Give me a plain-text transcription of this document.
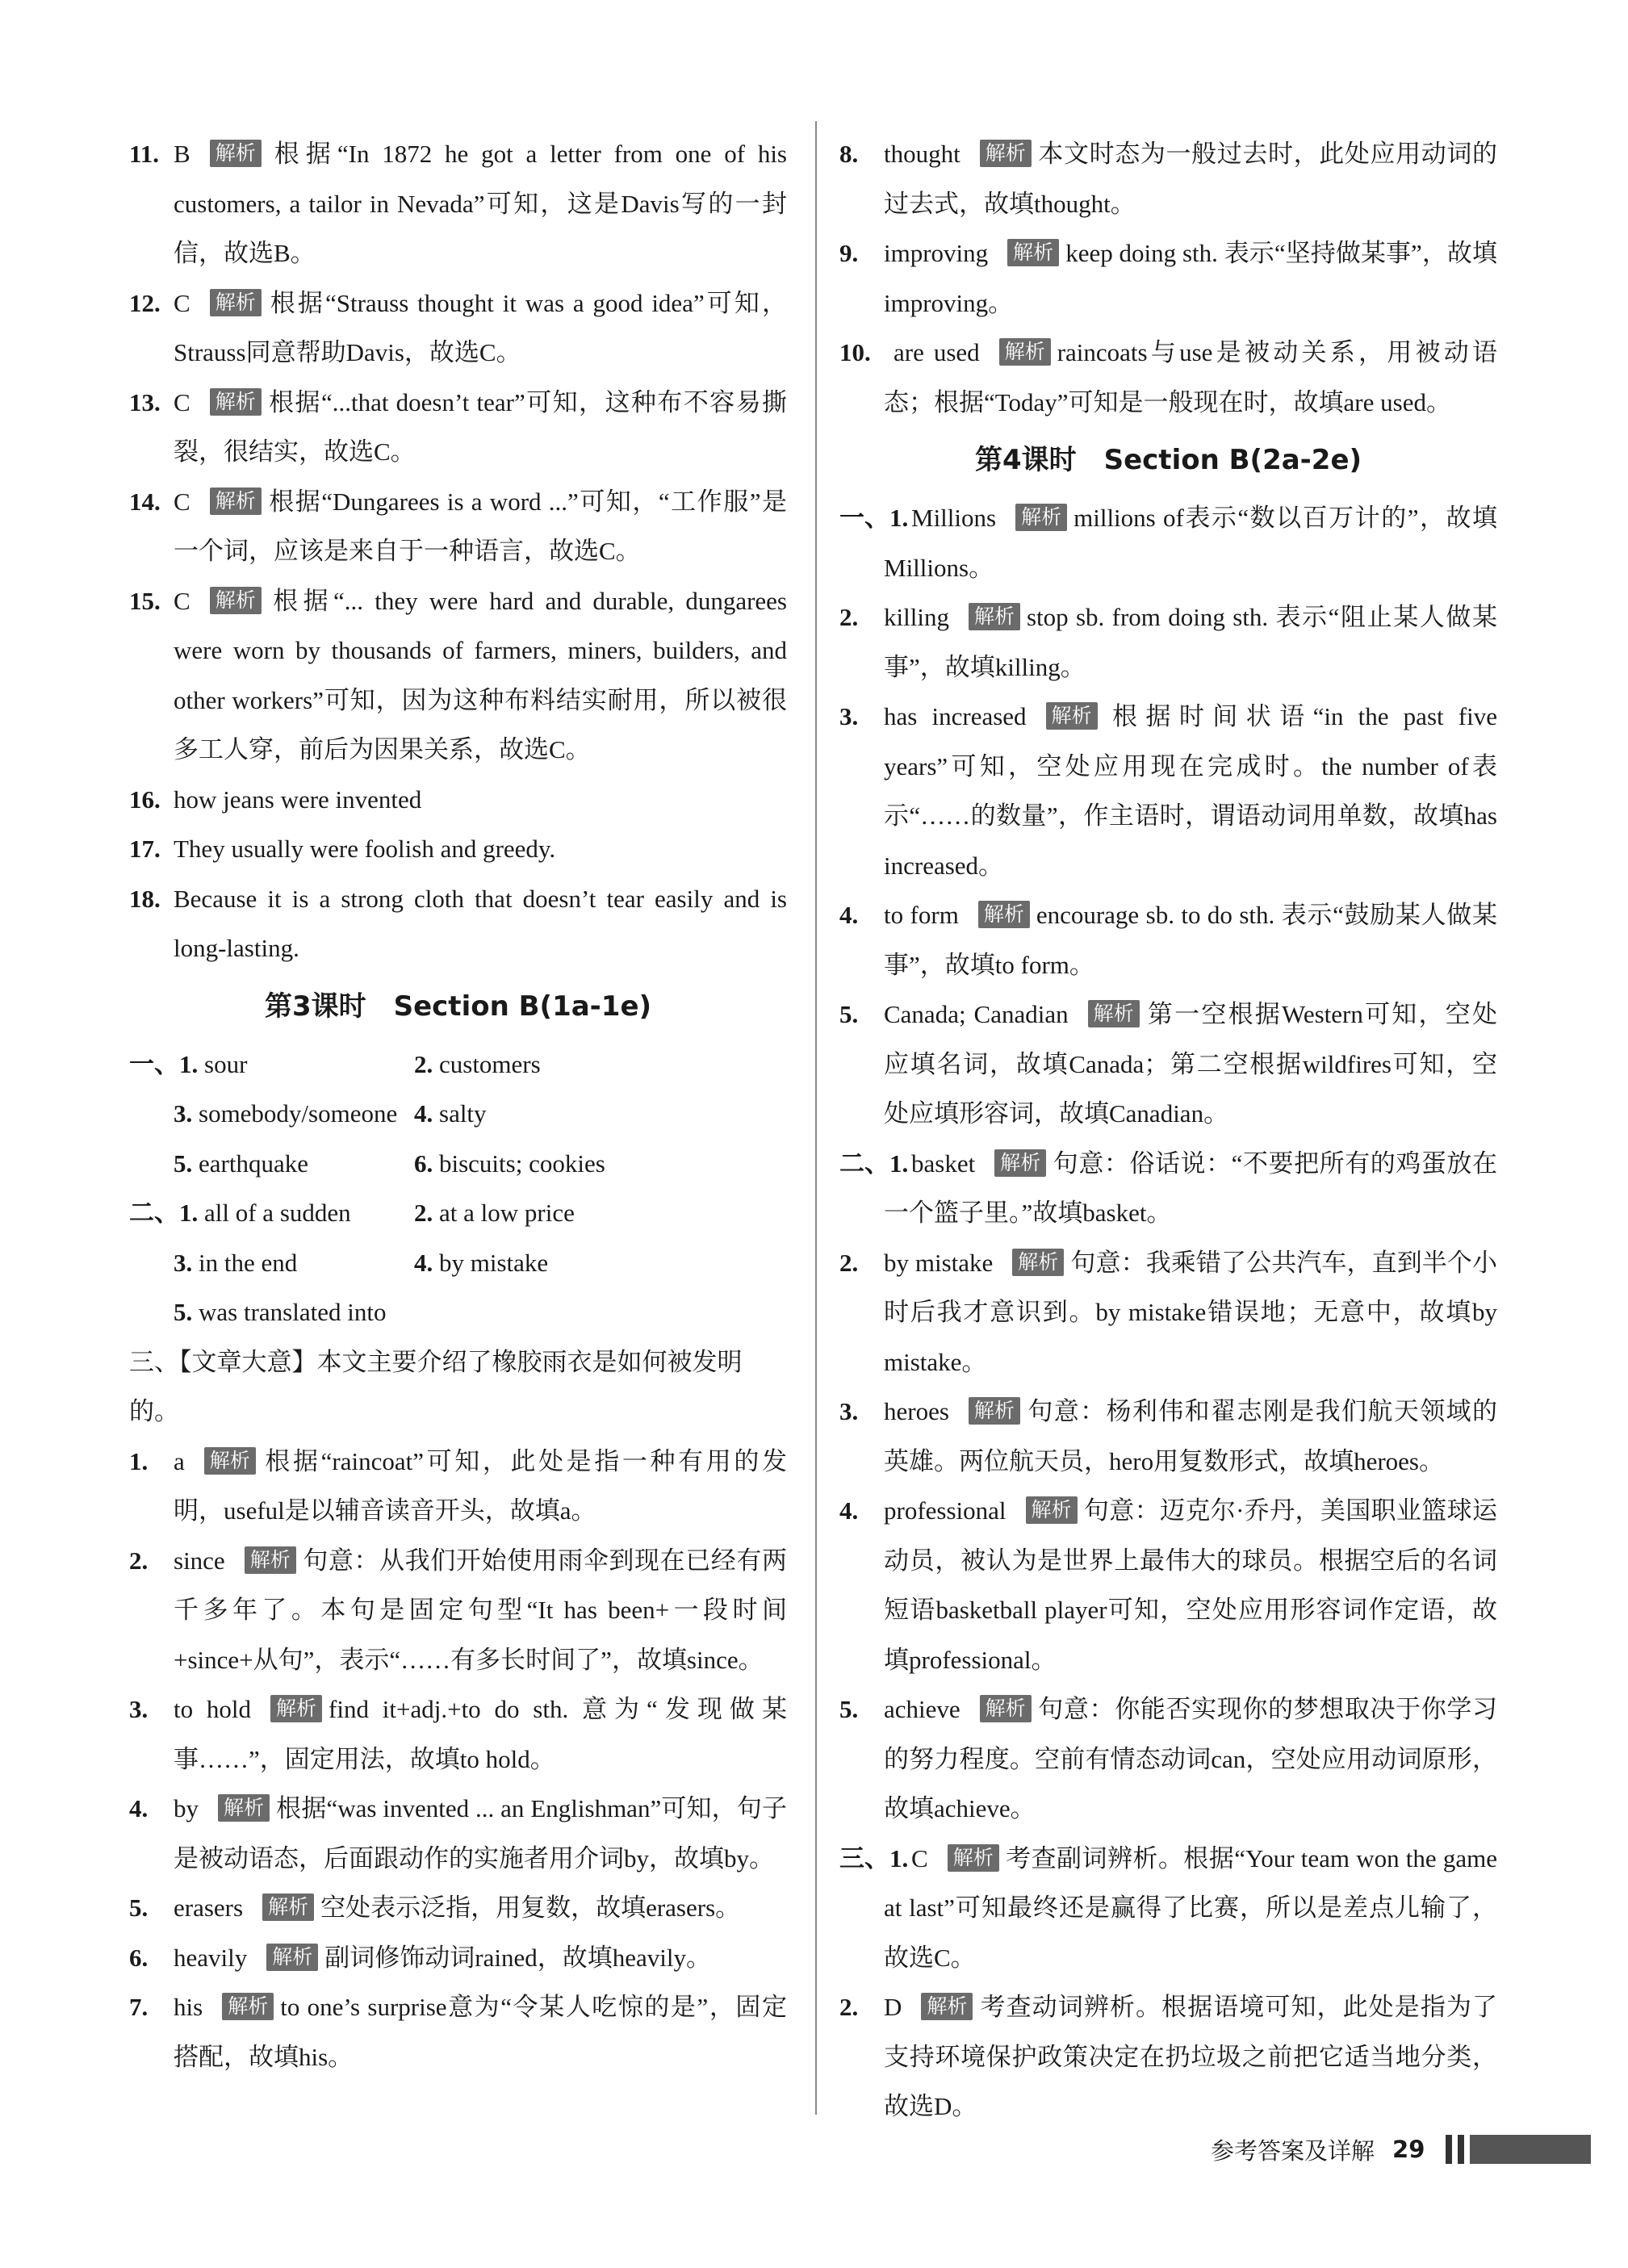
11. B 解析 根据“In 1872 he got a letter from one of his customers, a tailor in Nevada”可知，这是Davis写的一封信，故选B。
12. C 解析 根据“Strauss thought it was a good idea”可知，Strauss同意帮助Davis，故选C。
13. C 解析 根据“...that doesn’t tear”可知，这种布不容易撕裂，很结实，故选C。
14. C 解析 根据“Dungarees is a word ...”可知，“工作服”是一个词，应该是来自于一种语言，故选C。
15. C 解析 根据“... they were hard and durable, dungarees were worn by thousands of farmers, miners, builders, and other workers”可知，因为这种布料结实耐用，所以被很多工人穿，前后为因果关系，故选C。
16. how jeans were invented
17. They usually were foolish and greedy.
18. Because it is a strong cloth that doesn’t tear easily and is long-lasting.
第3课时　Section B(1a-1e)
一、1. sour	2. customers
3. somebody/someone 4. salty
5. earthquake	6. biscuits; cookies
二、1. all of a sudden	2. at a low price
3. in the end	4. by mistake
5. was translated into
三、【文章大意】本文主要介绍了橡胶雨衣是如何被发明的。
1. a 解析 根据“raincoat”可知，此处是指一种有用的发明，useful是以辅音读音开头，故填a。
2. since 解析 句意：从我们开始使用雨伞到现在已经有两千多年了。本句是固定句型“It has been+一段时间+since+从句”，表示“……有多长时间了”，故填since。
3. to hold 解析 find it+adj.+to do sth. 意为“发现做某事……”，固定用法，故填to hold。
4. by 解析 根据“was invented ... an Englishman”可知，句子是被动语态，后面跟动作的实施者用介词by，故填by。
5. erasers 解析 空处表示泛指，用复数，故填erasers。
6. heavily 解析 副词修饰动词rained，故填heavily。
7. his 解析 to one’s surprise意为“令某人吃惊的是”，固定搭配，故填his。
8. thought 解析 本文时态为一般过去时，此处应用动词的过去式，故填thought。
9. improving 解析 keep doing sth. 表示“坚持做某事”，故填improving。
10. are used 解析 raincoats与use是被动关系，用被动语态；根据“Today”可知是一般现在时，故填are used。
第4课时　Section B(2a-2e)
一、1. Millions 解析 millions of表示“数以百万计的”，故填Millions。
2. killing 解析 stop sb. from doing sth. 表示“阻止某人做某事”，故填killing。
3. has increased 解析 根据时间状语“in the past five years”可知，空处应用现在完成时。the number of表示“……的数量”，作主语时，谓语动词用单数，故填has increased。
4. to form 解析 encourage sb. to do sth. 表示“鼓励某人做某事”，故填to form。
5. Canada; Canadian 解析 第一空根据Western可知，空处应填名词，故填Canada；第二空根据wildfires可知，空处应填形容词，故填Canadian。
二、1. basket 解析 句意：俗话说：“不要把所有的鸡蛋放在一个篮子里。”故填basket。
2. by mistake 解析 句意：我乘错了公共汽车，直到半个小时后我才意识到。by mistake错误地；无意中，故填by mistake。
3. heroes 解析 句意：杨利伟和翟志刚是我们航天领域的英雄。两位航天员，hero用复数形式，故填heroes。
4. professional 解析 句意：迈克尔·乔丹，美国职业篮球运动员，被认为是世界上最伟大的球员。根据空后的名词短语basketball player可知，空处应用形容词作定语，故填professional。
5. achieve 解析 句意：你能否实现你的梦想取决于你学习的努力程度。空前有情态动词can，空处应用动词原形，故填achieve。
三、1. C 解析 考查副词辨析。根据“Your team won the game at last”可知最终还是赢得了比赛，所以是差点儿输了，故选C。
2. D 解析 考查动词辨析。根据语境可知，此处是指为了支持环境保护政策决定在扔垃圾之前把它适当地分类，故选D。
参考答案及详解 29
